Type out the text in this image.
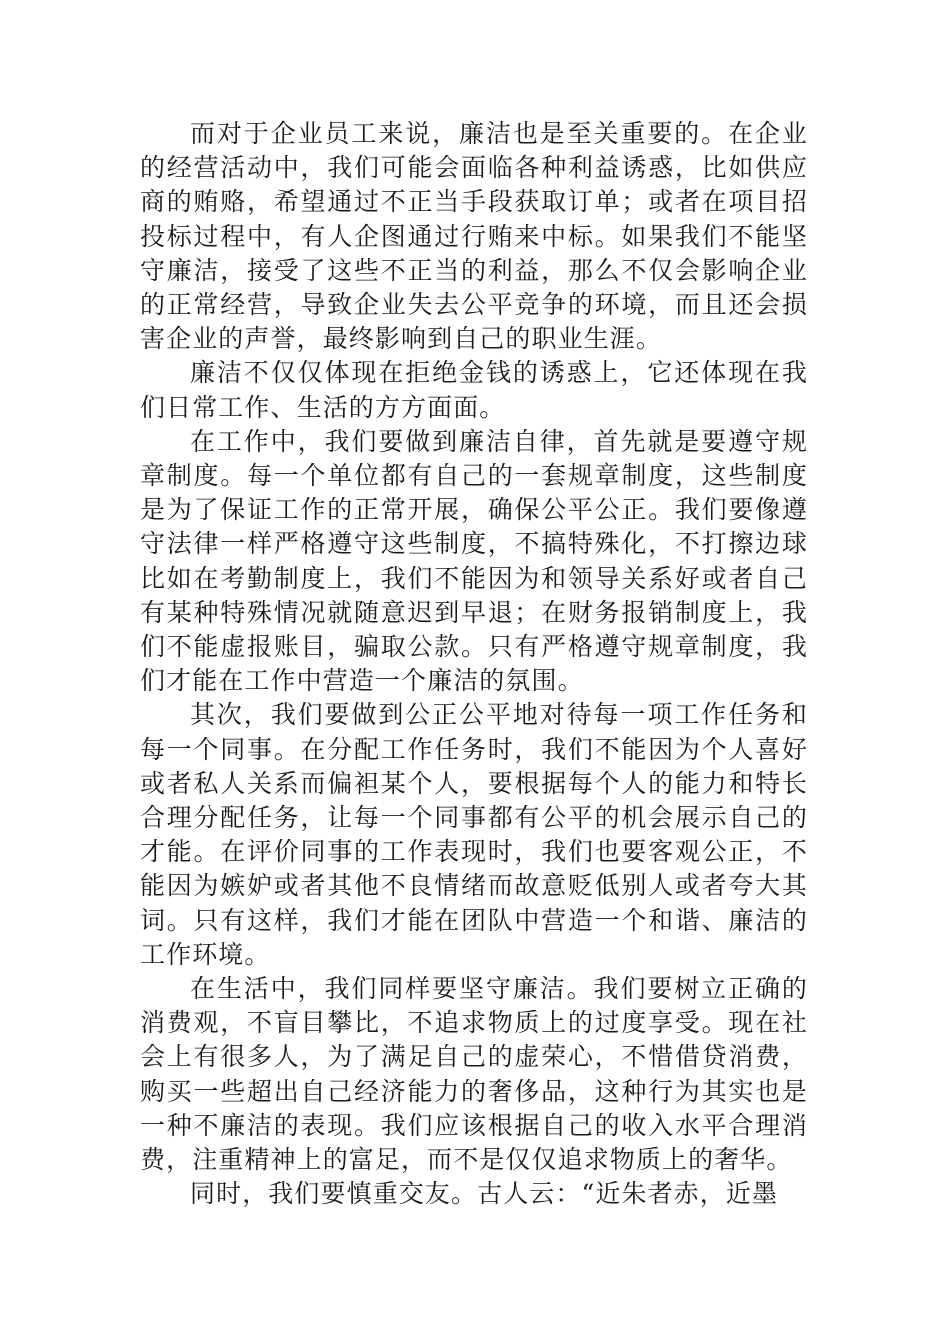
而对于企业员工来说，廉洁也是至关重要的。在企业的经营活动中，我们可能会面临各种利益诱惑，比如供应商的贿赂，希望通过不正当手段获取订单；或者在项目招投标过程中，有人企图通过行贿来中标。如果我们不能坚守廉洁，接受了这些不正当的利益，那么不仅会影响企业的正常经营，导致企业失去公平竞争的环境，而且还会损害企业的声誉，最终影响到自己的职业生涯。

廉洁不仅仅体现在拒绝金钱的诱惑上，它还体现在我们日常工作、生活的方方面面。

在工作中，我们要做到廉洁自律，首先就是要遵守规章制度。每一个单位都有自己的一套规章制度，这些制度是为了保证工作的正常开展，确保公平公正。我们要像遵守法律一样严格遵守这些制度，不搞特殊化，不打擦边球比如在考勤制度上，我们不能因为和领导关系好或者自己有某种特殊情况就随意迟到早退；在财务报销制度上，我们不能虚报账目，骗取公款。只有严格遵守规章制度，我们才能在工作中营造一个廉洁的氛围。

其次，我们要做到公正公平地对待每一项工作任务和每一个同事。在分配工作任务时，我们不能因为个人喜好或者私人关系而偏袒某个人，要根据每个人的能力和特长合理分配任务，让每一个同事都有公平的机会展示自己的才能。在评价同事的工作表现时，我们也要客观公正，不能因为嫉妒或者其他不良情绪而故意贬低别人或者夸大其词。只有这样，我们才能在团队中营造一个和谐、廉洁的工作环境。

在生活中，我们同样要坚守廉洁。我们要树立正确的消费观，不盲目攀比，不追求物质上的过度享受。现在社会上有很多人，为了满足自己的虚荣心，不惜借贷消费，购买一些超出自己经济能力的奢侈品，这种行为其实也是一种不廉洁的表现。我们应该根据自己的收入水平合理消费，注重精神上的富足，而不是仅仅追求物质上的奢华。

同时，我们要慎重交友。古人云：“近朱者赤，近墨
